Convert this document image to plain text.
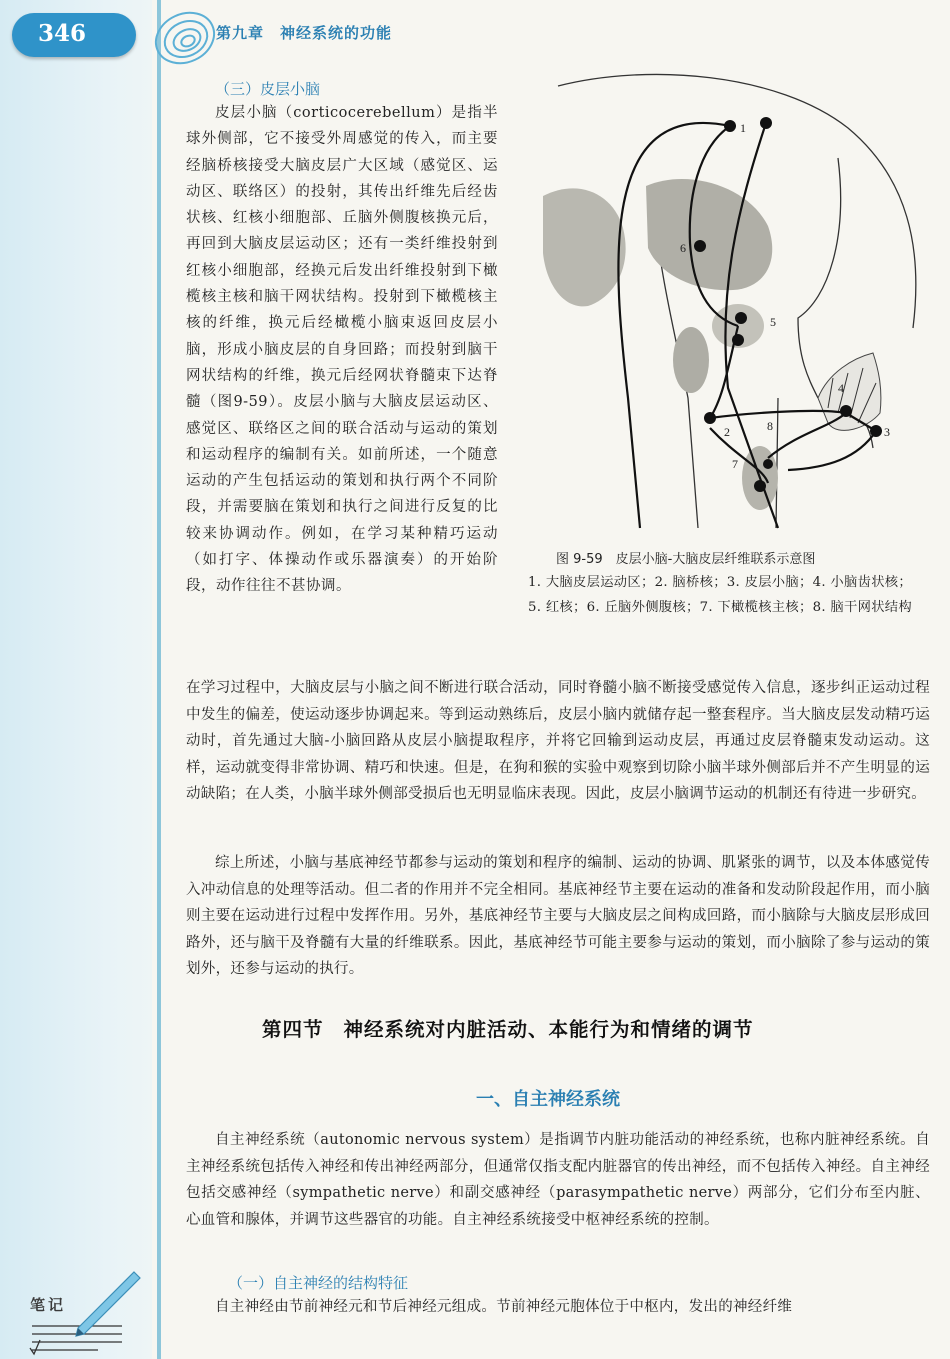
346	第九章　神经系统的功能
（三）皮层小脑
皮层小脑（corticocerebellum）是指半球外侧部，它不接受外周感觉的传入，而主要经脑桥核接受大脑皮层广大区域（感觉区、运动区、联络区）的投射，其传出纤维先后经齿状核、红核小细胞部、丘脑外侧腹核换元后，再回到大脑皮层运动区；还有一类纤维投射到红核小细胞部，经换元后发出纤维投射到下橄榄核主核和脑干网状结构。投射到下橄榄核主核的纤维，换元后经橄榄小脑束返回皮层小脑，形成小脑皮层的自身回路；而投射到脑干网状结构的纤维，换元后经网状脊髓束下达脊髓（图9-59）。皮层小脑与大脑皮层运动区、感觉区、联络区之间的联合活动与运动的策划和运动程序的编制有关。如前所述，一个随意运动的产生包括运动的策划和执行两个不同阶段，并需要脑在策划和执行之间进行反复的比较来协调动作。例如，在学习某种精巧运动（如打字、体操动作或乐器演奏）的开始阶段，动作往往不甚协调。
1
2	3
4
5
6
7
8
图 9-59　皮层小脑-大脑皮层纤维联系示意图
1. 大脑皮层运动区；2. 脑桥核；3. 皮层小脑；4. 小脑齿状核；5. 红核；6. 丘脑外侧腹核；7. 下橄榄核主核；8. 脑干网状结构
在学习过程中，大脑皮层与小脑之间不断进行联合活动，同时脊髓小脑不断接受感觉传入信息，逐步纠正运动过程中发生的偏差，使运动逐步协调起来。等到运动熟练后，皮层小脑内就储存起一整套程序。当大脑皮层发动精巧运动时，首先通过大脑-小脑回路从皮层小脑提取程序，并将它回输到运动皮层，再通过皮层脊髓束发动运动。这样，运动就变得非常协调、精巧和快速。但是，在狗和猴的实验中观察到切除小脑半球外侧部后并不产生明显的运动缺陷；在人类，小脑半球外侧部受损后也无明显临床表现。因此，皮层小脑调节运动的机制还有待进一步研究。
综上所述，小脑与基底神经节都参与运动的策划和程序的编制、运动的协调、肌紧张的调节，以及本体感觉传入冲动信息的处理等活动。但二者的作用并不完全相同。基底神经节主要在运动的准备和发动阶段起作用，而小脑则主要在运动进行过程中发挥作用。另外，基底神经节主要与大脑皮层之间构成回路，而小脑除与大脑皮层形成回路外，还与脑干及脊髓有大量的纤维联系。因此，基底神经节可能主要参与运动的策划，而小脑除了参与运动的策划外，还参与运动的执行。
第四节 神经系统对内脏活动、本能行为和情绪的调节
一、自主神经系统
自主神经系统（autonomic nervous system）是指调节内脏功能活动的神经系统，也称内脏神经系统。自主神经系统包括传入神经和传出神经两部分，但通常仅指支配内脏器官的传出神经，而不包括传入神经。自主神经包括交感神经（sympathetic nerve）和副交感神经（parasympathetic nerve）两部分，它们分布至内脏、心血管和腺体，并调节这些器官的功能。自主神经系统接受中枢神经系统的控制。
（一）自主神经的结构特征
自主神经由节前神经元和节后神经元组成。节前神经元胞体位于中枢内，发出的神经纤维
笔记
